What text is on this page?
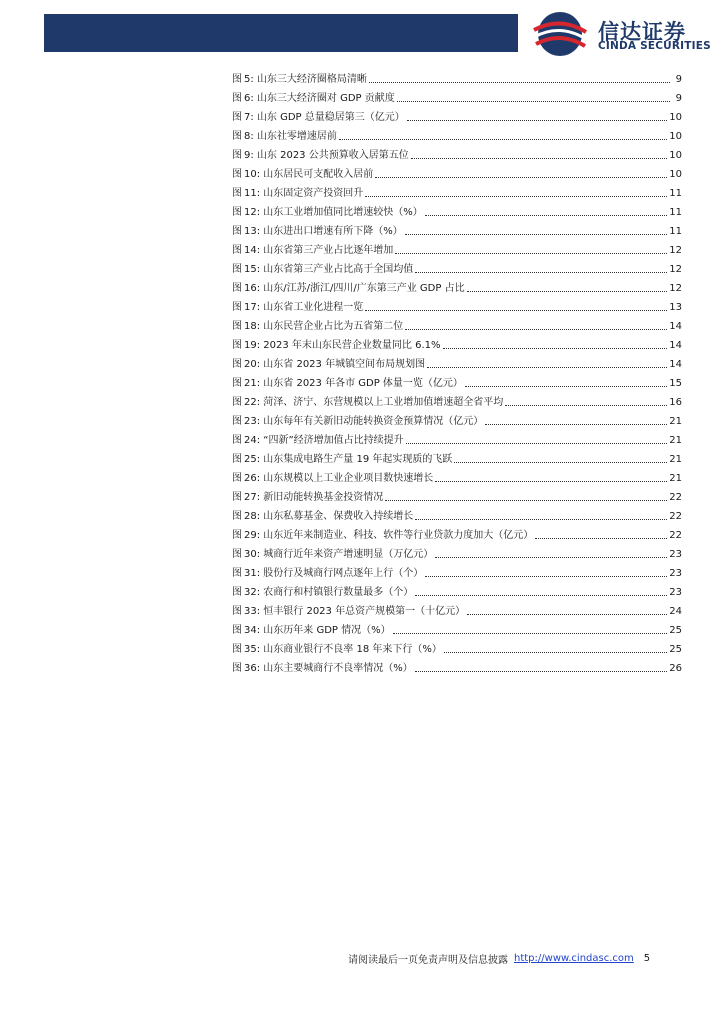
信达证券
CINDA SECURITIES
图 5: 山东三大经济圈格局清晰	9
图 6: 山东三大经济圈对 GDP 贡献度	9
图 7: 山东 GDP 总量稳居第三（亿元）	10
图 8: 山东社零增速居前	10
图 9: 山东 2023 公共预算收入居第五位	10
图 10: 山东居民可支配收入居前	10
图 11: 山东固定资产投资回升	11
图 12: 山东工业增加值同比增速较快（%）	11
图 13: 山东进出口增速有所下降（%）	11
图 14: 山东省第三产业占比逐年增加	12
图 15: 山东省第三产业占比高于全国均值	12
图 16: 山东/江苏/浙江/四川/广东第三产业 GDP 占比	12
图 17: 山东省工业化进程一览	13
图 18: 山东民营企业占比为五省第二位	14
图 19: 2023 年末山东民营企业数量同比 6.1%	14
图 20: 山东省 2023 年城镇空间布局规划图	14
图 21: 山东省 2023 年各市 GDP 体量一览（亿元）	15
图 22: 菏泽、济宁、东营规模以上工业增加值增速超全省平均	16
图 23: 山东每年有关新旧动能转换资金预算情况（亿元）	21
图 24: “四新”经济增加值占比持续提升	21
图 25: 山东集成电路生产量 19 年起实现质的飞跃	21
图 26: 山东规模以上工业企业项目数快速增长	21
图 27: 新旧动能转换基金投资情况	22
图 28: 山东私募基金、保费收入持续增长	22
图 29: 山东近年来制造业、科技、软件等行业贷款力度加大（亿元）	22
图 30: 城商行近年来资产增速明显（万亿元）	23
图 31: 股份行及城商行网点逐年上行（个）	23
图 32: 农商行和村镇银行数量最多（个）	23
图 33: 恒丰银行 2023 年总资产规模第一（十亿元）	24
图 34: 山东历年来 GDP 情况（%）	25
图 35: 山东商业银行不良率 18 年来下行（%）	25
图 36: 山东主要城商行不良率情况（%）	26
请阅读最后一页免责声明及信息披露 http://www.cindasc.com 5
